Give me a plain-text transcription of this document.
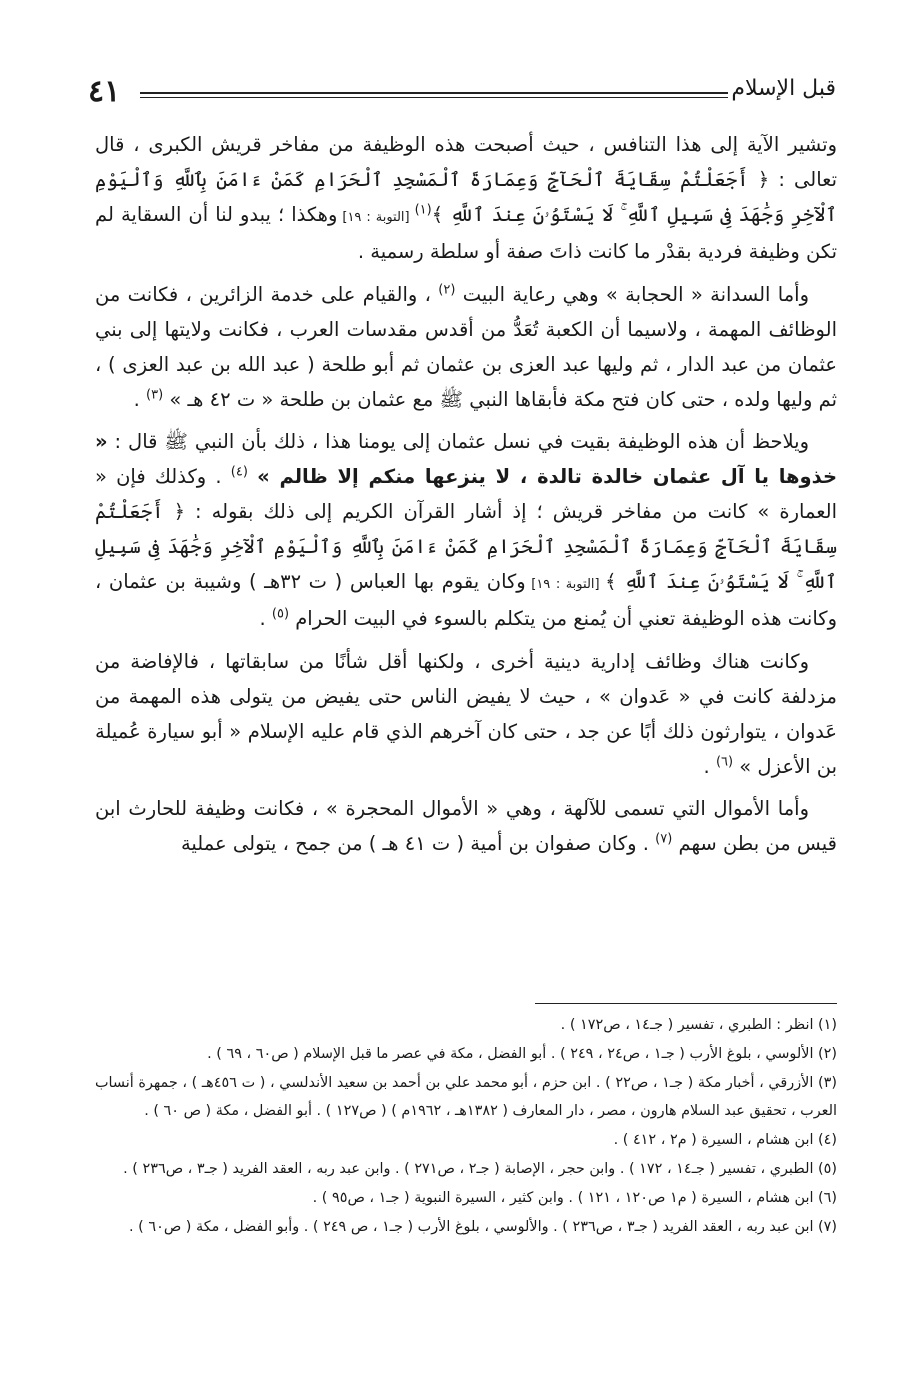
٤١	قبل الإسلام

وتشير الآية إلى هذا التنافس ، حيث أصبحت هذه الوظيفة من مفاخر قريش الكبرى ، قال تعالى : ﴿ أَجَعَلْتُمْ سِقَايَةَ ٱلْحَآجِّ وَعِمَارَةَ ٱلْمَسْجِدِ ٱلْحَرَامِ كَمَنْ ءَامَنَ بِٱللَّهِ وَٱلْيَوْمِ ٱلْآخِرِ وَجَٰهَدَ فِى سَبِيلِ ٱللَّهِ ۚ لَا يَسْتَوُۥنَ عِندَ ٱللَّهِ ﴾$^{(١)}$ [التوبة : ١٩] وهكذا ؛ يبدو لنا أن السقاية لم تكن وظيفة فردية بقدْر ما كانت ذاتَ صفة أو سلطة رسمية .

وأما السدانة « الحجابة » وهي رعاية البيت $^{(٢)}$ ، والقيام على خدمة الزائرين ، فكانت من الوظائف المهمة ، ولاسيما أن الكعبة تُعَدُّ من أقدس مقدسات العرب ، فكانت ولايتها إلى بني عثمان من عبد الدار ، ثم وليها عبد العزى بن عثمان ثم أبو طلحة ( عبد الله بن عبد العزى ) ، ثم وليها ولده ، حتى كان فتح مكة فأبقاها النبي ﷺ مع عثمان بن طلحة « ت ٤٢ هـ » $^{(٣)}$ .

ويلاحظ أن هذه الوظيفة بقيت في نسل عثمان إلى يومنا هذا ، ذلك بأن النبي ﷺ قال : « خذوها يا آل عثمان خالدة تالدة ، لا ينزعها منكم إلا ظالم » $^{(٤)}$ . وكذلك فإن « العمارة » كانت من مفاخر قريش ؛ إذ أشار القرآن الكريم إلى ذلك بقوله : ﴿ أَجَعَلْتُمْ سِقَايَةَ ٱلْحَآجِّ وَعِمَارَةَ ٱلْمَسْجِدِ ٱلْحَرَامِ كَمَنْ ءَامَنَ بِٱللَّهِ وَٱلْيَوْمِ ٱلْآخِرِ وَجَٰهَدَ فِى سَبِيلِ ٱللَّهِ ۚ لَا يَسْتَوُۥنَ عِندَ ٱللَّهِ ﴾ [التوبة : ١٩] وكان يقوم بها العباس ( ت ٣٢هـ ) وشيبة بن عثمان ، وكانت هذه الوظيفة تعني أن يُمنع من يتكلم بالسوء في البيت الحرام $^{(٥)}$ .

وكانت هناك وظائف إدارية دينية أخرى ، ولكنها أقل شأنًا من سابقاتها ، فالإفاضة من مزدلفة كانت في « عَدوان » ، حيث لا يفيض الناس حتى يفيض من يتولى هذه المهمة من عَدوان ، يتوارثون ذلك أبًا عن جد ، حتى كان آخرهم الذي قام عليه الإسلام « أبو سيارة عُميلة بن الأعزل » $^{(٦)}$ .

وأما الأموال التي تسمى للآلهة ، وهي « الأموال المحجرة » ، فكانت وظيفة للحارث ابن قيس من بطن سهم $^{(٧)}$ . وكان صفوان بن أمية ( ت ٤١ هـ ) من جمح ، يتولى عملية

(١) انظر : الطبري ، تفسير ( جـ١٤ ، ص١٧٢ ) .
(٢) الألوسي ، بلوغ الأرب ( جـ١ ، ص٢٤ ، ٢٤٩ ) . أبو الفضل ، مكة في عصر ما قبل الإسلام ( ص٦٠ ، ٦٩ ) .
(٣) الأزرقي ، أخبار مكة ( جـ١ ، ص٢٢ ) . ابن حزم ، أبو محمد علي بن أحمد بن سعيد الأندلسي ، ( ت ٤٥٦هـ ) ، جمهرة أنساب العرب ، تحقيق عبد السلام هارون ، مصر ، دار المعارف ( ١٣٨٢هـ ، ١٩٦٢م ) ( ص١٢٧ ) . أبو الفضل ، مكة ( ص ٦٠ ) .
(٤) ابن هشام ، السيرة ( م٢ ، ٤١٢ ) .
(٥) الطبري ، تفسير ( جـ١٤ ، ١٧٢ ) . وابن حجر ، الإصابة ( جـ٢ ، ص٢٧١ ) . وابن عبد ربه ، العقد الفريد ( جـ٣ ، ص٢٣٦ ) .
(٦) ابن هشام ، السيرة ( م١ ص١٢٠ ، ١٢١ ) . وابن كثير ، السيرة النبوية ( جـ١ ، ص٩٥ ) .
(٧) ابن عبد ربه ، العقد الفريد ( جـ٣ ، ص٢٣٦ ) . والألوسي ، بلوغ الأرب ( جـ١ ، ص ٢٤٩ ) . وأبو الفضل ، مكة ( ص٦٠ ) .
